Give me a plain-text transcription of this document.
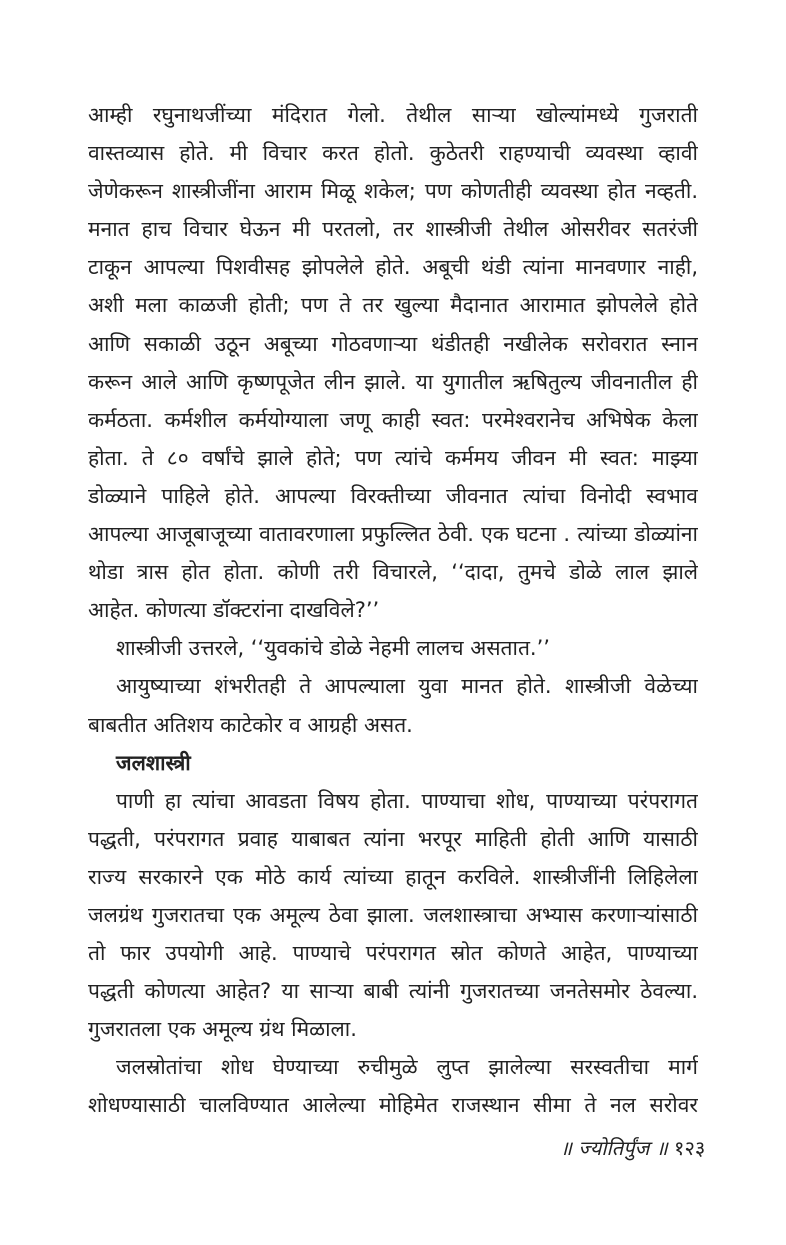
आम्ही रघुनाथजींच्या मंदिरात गेलो. तेथील साऱ्या खोल्यांमध्ये गुजराती
वास्तव्यास होते. मी विचार करत होतो. कुठेतरी राहण्याची व्यवस्था व्हावी
जेणेकरून शास्त्रीजींना आराम मिळू शकेल; पण कोणतीही व्यवस्था होत नव्हती.
मनात हाच विचार घेऊन मी परतलो, तर शास्त्रीजी तेथील ओसरीवर सतरंजी
टाकून आपल्या पिशवीसह झोपलेले होते. अबूची थंडी त्यांना मानवणार नाही,
अशी मला काळजी होती; पण ते तर खुल्या मैदानात आरामात झोपलेले होते
आणि सकाळी उठून अबूच्या गोठवणाऱ्या थंडीतही नखीलेक सरोवरात स्नान
करून आले आणि कृष्णपूजेत लीन झाले. या युगातील ऋषितुल्य जीवनातील ही
कर्मठता. कर्मशील कर्मयोग्याला जणू काही स्वत: परमेश्वरानेच अभिषेक केला
होता. ते ८० वर्षांचे झाले होते; पण त्यांचे कर्ममय जीवन मी स्वत: माझ्या
डोळ्याने पाहिले होते. आपल्या विरक्तीच्या जीवनात त्यांचा विनोदी स्वभाव
आपल्या आजूबाजूच्या वातावरणाला प्रफुल्लित ठेवी. एक घटना . त्यांच्या डोळ्यांना
थोडा त्रास होत होता. कोणी तरी विचारले, ‘‘दादा, तुमचे डोळे लाल झाले
आहेत. कोणत्या डॉक्टरांना दाखविले?’’
शास्त्रीजी उत्तरले, ‘‘युवकांचे डोळे नेहमी लालच असतात.’’
आयुष्याच्या शंभरीतही ते आपल्याला युवा मानत होते. शास्त्रीजी वेळेच्या
बाबतीत अतिशय काटेकोर व आग्रही असत.
जलशास्त्री
पाणी हा त्यांचा आवडता विषय होता. पाण्याचा शोध, पाण्याच्या परंपरागत
पद्धती, परंपरागत प्रवाह याबाबत त्यांना भरपूर माहिती होती आणि यासाठी
राज्य सरकारने एक मोठे कार्य त्यांच्या हातून करविले. शास्त्रीजींनी लिहिलेला
जलग्रंथ गुजरातचा एक अमूल्य ठेवा झाला. जलशास्त्राचा अभ्यास करणाऱ्यांसाठी
तो फार उपयोगी आहे. पाण्याचे परंपरागत स्रोत कोणते आहेत, पाण्याच्या
पद्धती कोणत्या आहेत? या साऱ्या बाबी त्यांनी गुजरातच्या जनतेसमोर ठेवल्या.
गुजरातला एक अमूल्य ग्रंथ मिळाला.
जलस्रोतांचा शोध घेण्याच्या रुचीमुळे लुप्त झालेल्या सरस्वतीचा मार्ग
शोधण्यासाठी चालविण्यात आलेल्या मोहिमेत राजस्थान सीमा ते नल सरोवर
॥ ज्योतिर्पुंज ॥ १२३
